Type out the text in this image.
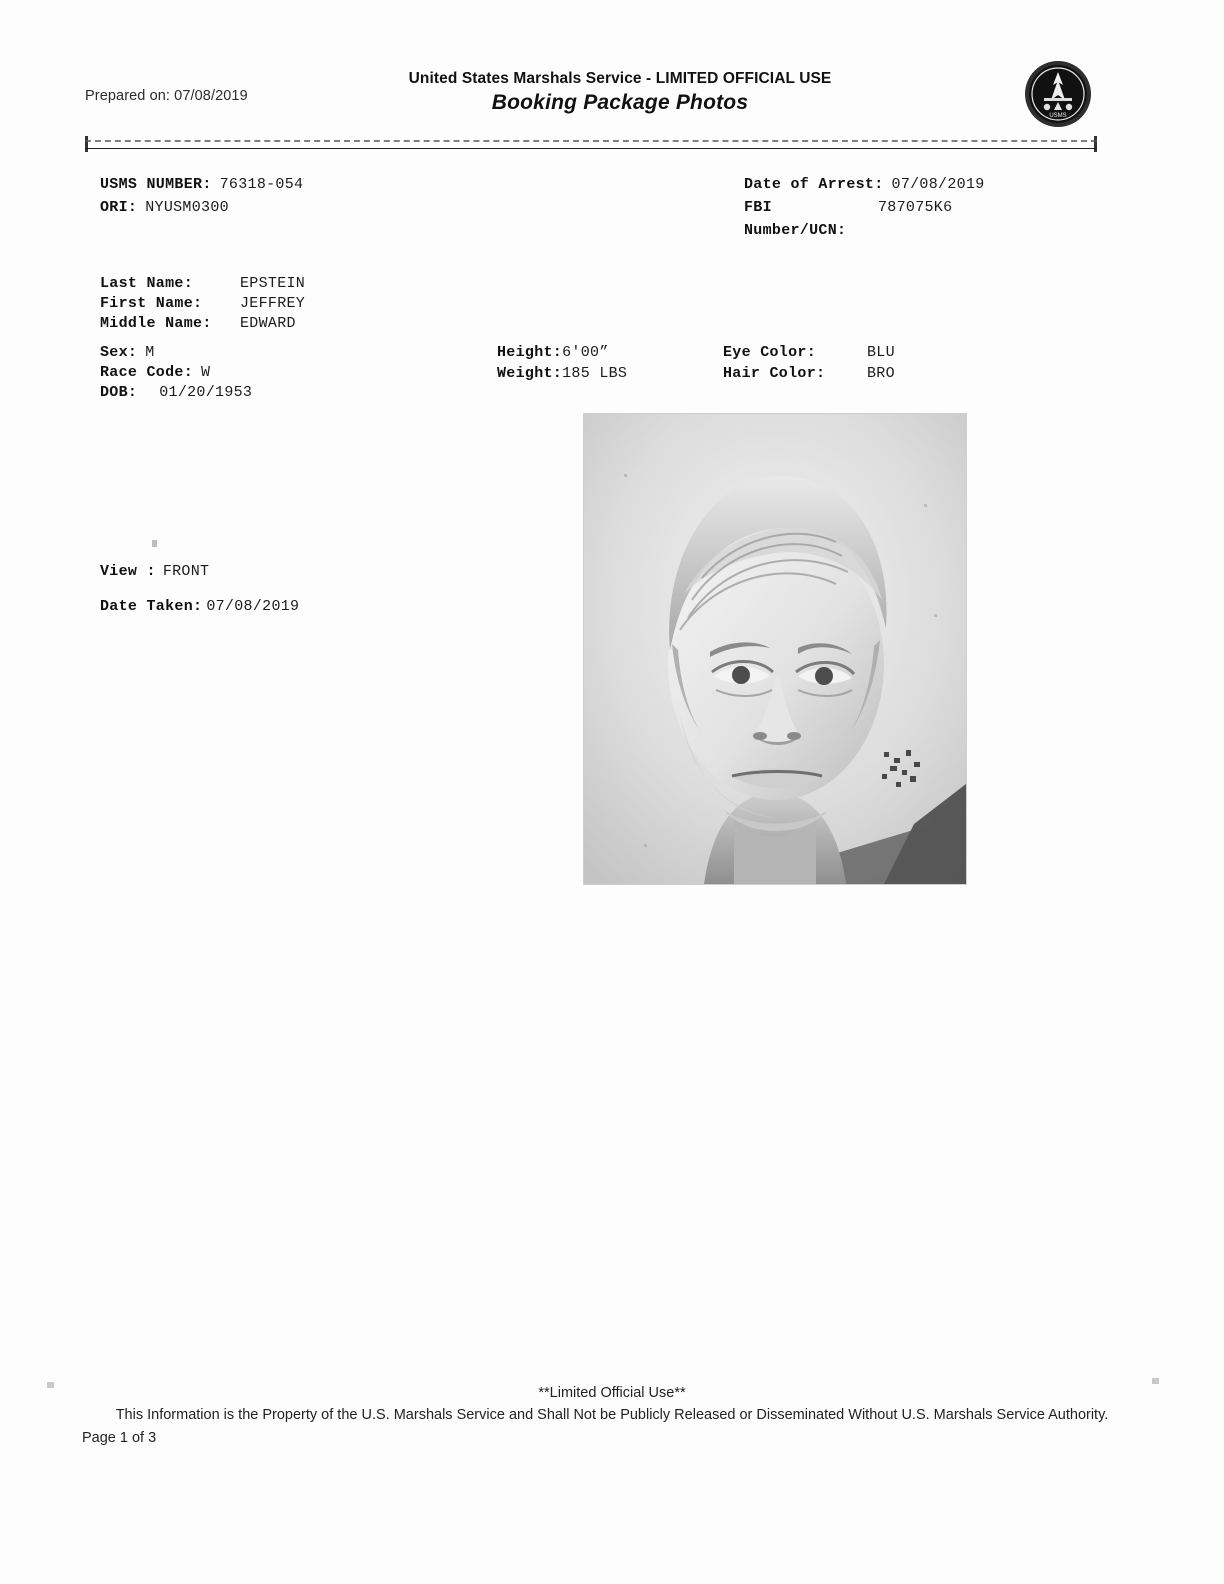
Prepared on: 07/08/2019
United States Marshals Service - LIMITED OFFICIAL USE
Booking Package Photos
USMS
USMS NUMBER: 76318-054
ORI: NYUSM0300
Date of Arrest: 07/08/2019
FBI	787075K6
Number/UCN:
Last Name:	EPSTEIN
First Name:	JEFFREY
Middle Name:	EDWARD
Sex: M
Race Code: W
DOB: 01/20/1953
Height: 6'00”
Weight: 185 LBS
Eye Color:	BLU
Hair Color:	BRO
View : FRONT
Date Taken: 07/08/2019
**Limited Official Use**
This Information is the Property of the U.S. Marshals Service and Shall Not be Publicly Released or Disseminated Without U.S. Marshals Service Authority.
Page 1 of 3
